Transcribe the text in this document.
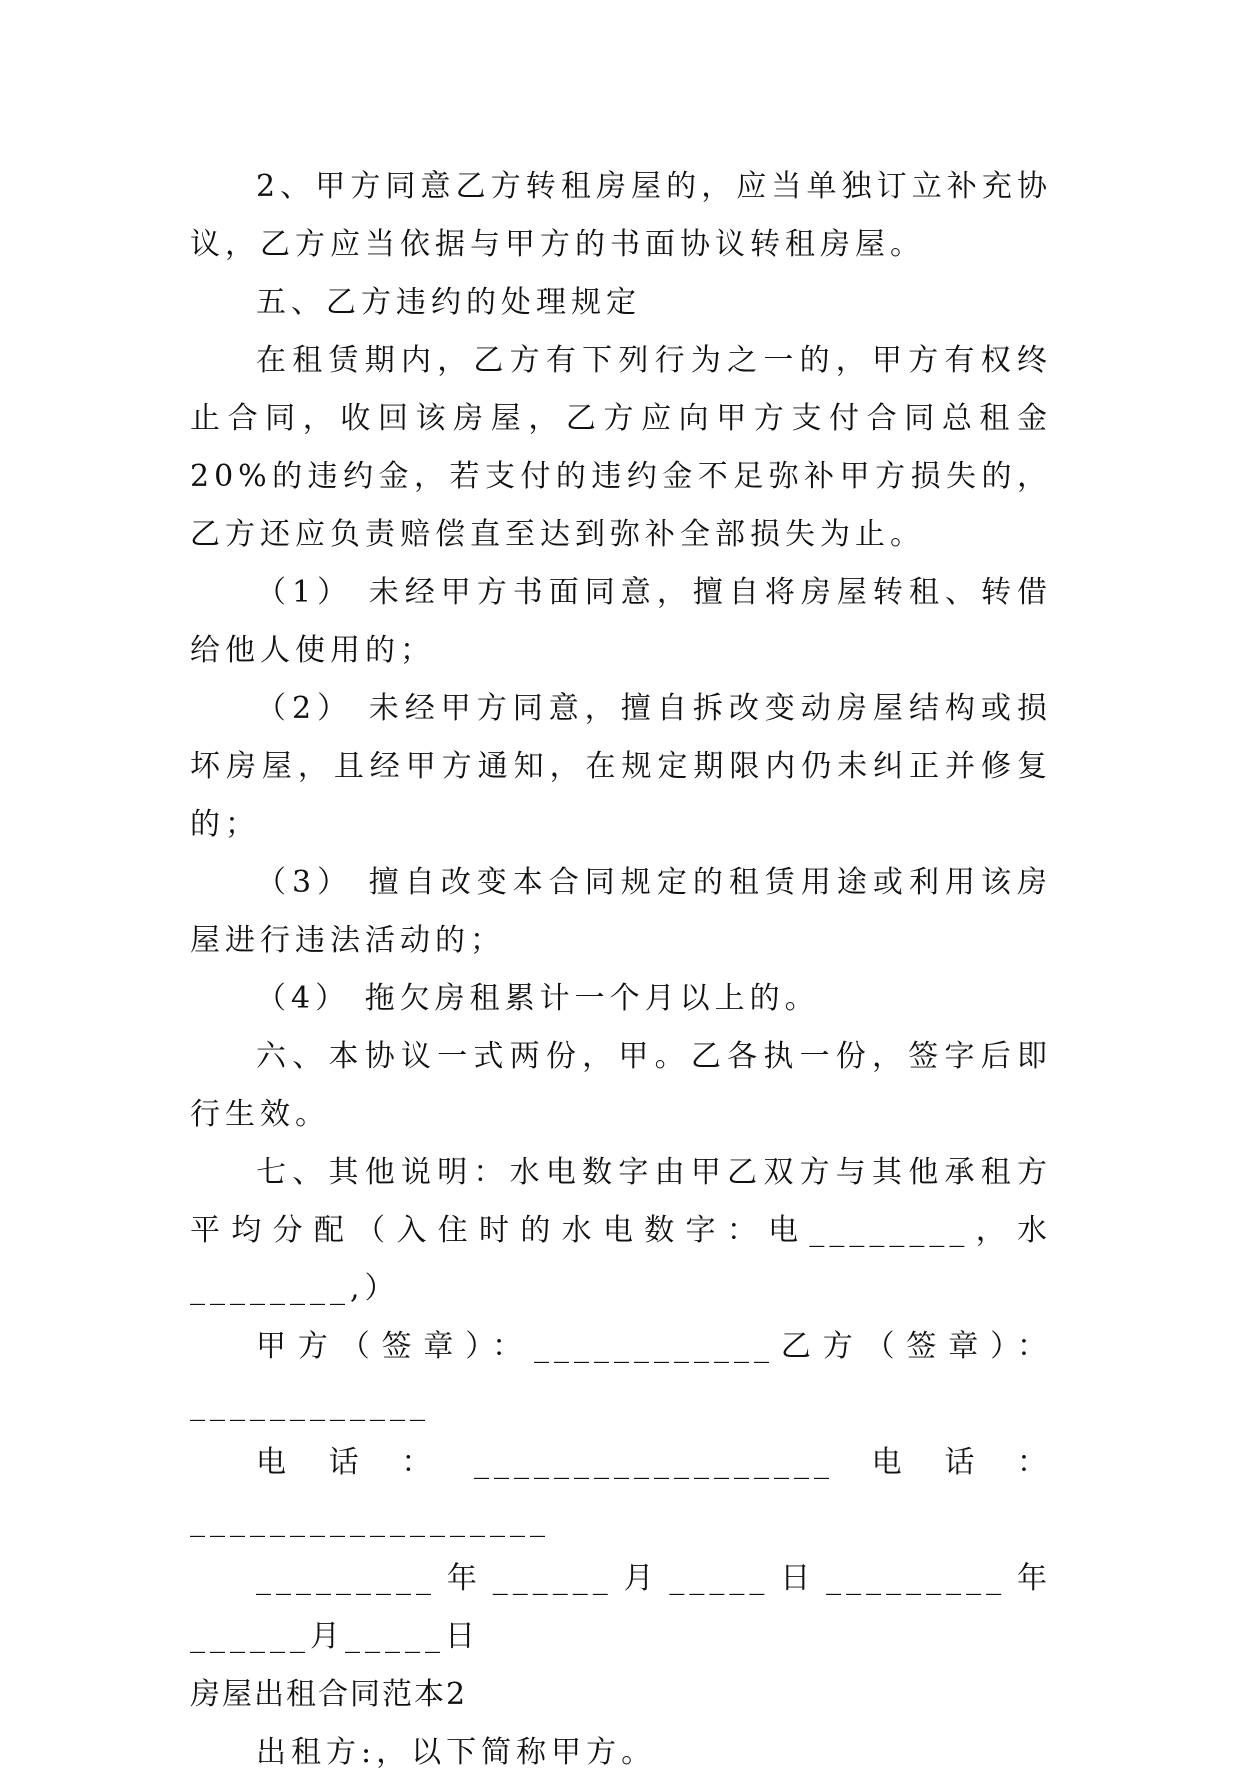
2、甲方同意乙方转租房屋的，应当单独订立补充协议，乙方应当依据与甲方的书面协议转租房屋。

五、乙方违约的处理规定

在租赁期内，乙方有下列行为之一的，甲方有权终止合同，收回该房屋，乙方应向甲方支付合同总租金20%的违约金，若支付的违约金不足弥补甲方损失的，乙方还应负责赔偿直至达到弥补全部损失为止。

（1） 未经甲方书面同意，擅自将房屋转租、转借给他人使用的；

（2） 未经甲方同意，擅自拆改变动房屋结构或损坏房屋，且经甲方通知，在规定期限内仍未纠正并修复的；

（3） 擅自改变本合同规定的租赁用途或利用该房屋进行违法活动的；

（4） 拖欠房租累计一个月以上的。

六、本协议一式两份，甲。乙各执一份，签字后即行生效。

七、其他说明：水电数字由甲乙双方与其他承租方平均分配（入住时的水电数字：电________，水________,）

甲方（签章）：____________乙方（签章）：____________

电话：__________________电话：__________________

_________年______月_____日_________年______月_____日

房屋出租合同范本2

出租方:，以下简称甲方。
